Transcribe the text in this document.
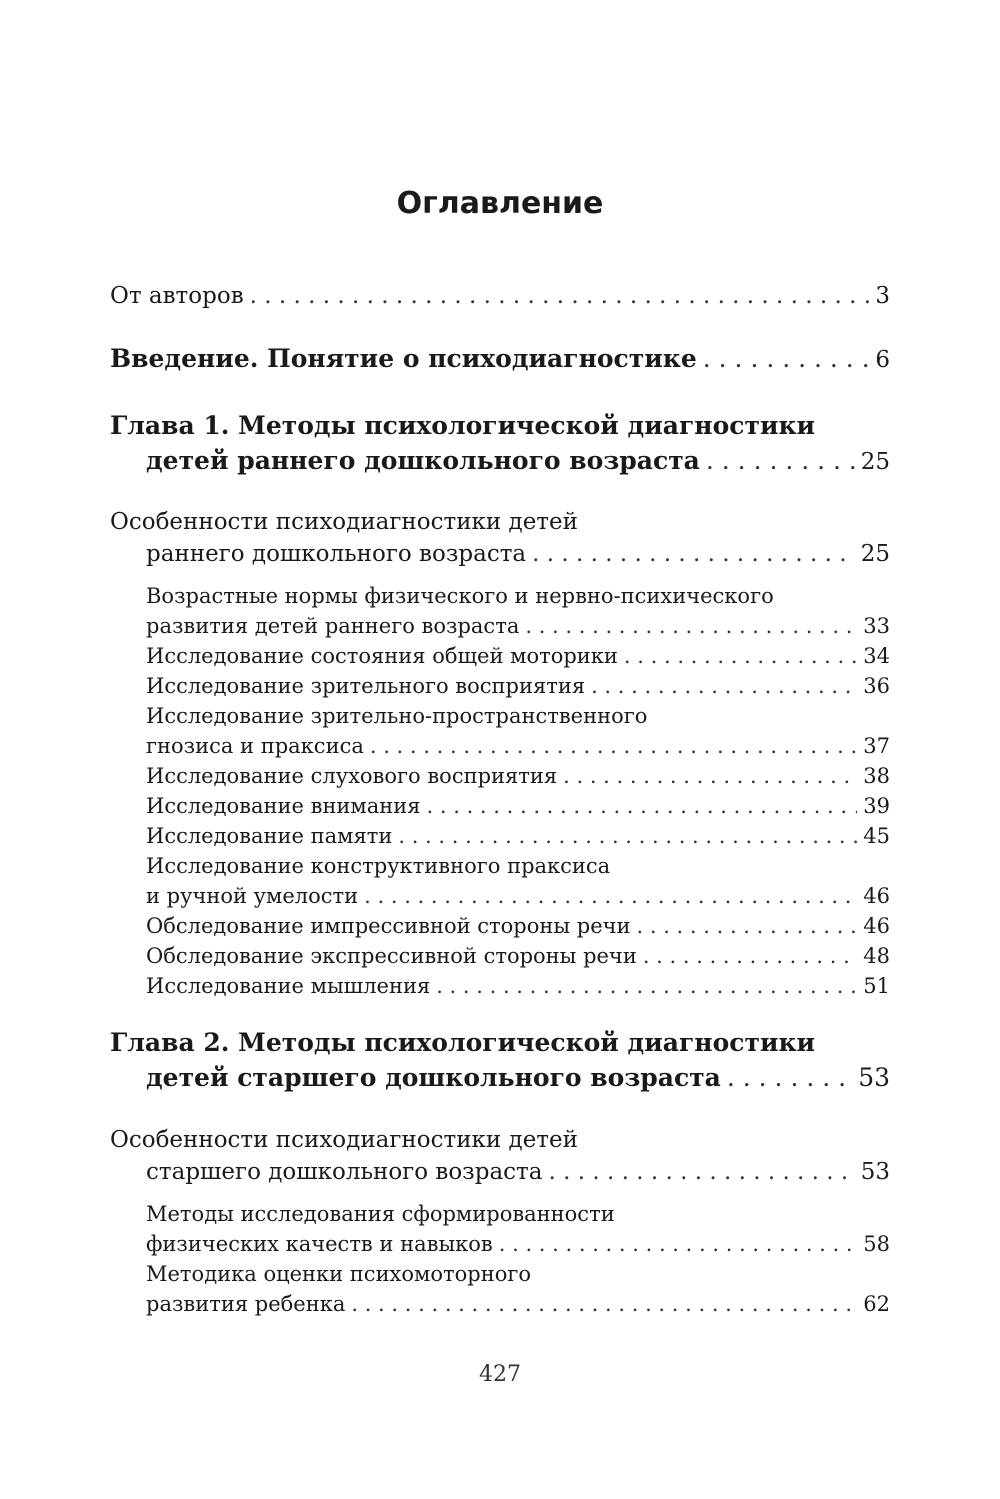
Оглавление
От авторов . . .	3
Введение. Понятие о психодиагностике . . .	6
Глава 1. Методы психологической диагностики
детей раннего дошкольного возраста . . .	25
Особенности психодиагностики детей
раннего дошкольного возраста . . .	25
Возрастные нормы физического и нервно-психического
развития детей раннего возраста . . .	33
Исследование состояния общей моторики . . .	34
Исследование зрительного восприятия . . .	36
Исследование зрительно-пространственного
гнозиса и праксиса . . .	37
Исследование слухового восприятия . . .	38
Исследование внимания . . .	39
Исследование памяти . . .	45
Исследование конструктивного праксиса
и ручной умелости . . .	46
Обследование импрессивной стороны речи . . .	46
Обследование экспрессивной стороны речи . . .	48
Исследование мышления . . .	51
Глава 2. Методы психологической диагностики
детей старшего дошкольного возраста . . .	53
Особенности психодиагностики детей
старшего дошкольного возраста . . .	53
Методы исследования сформированности
физических качеств и навыков . . .	58
Методика оценки психомоторного
развития ребенка . . .	62
427
